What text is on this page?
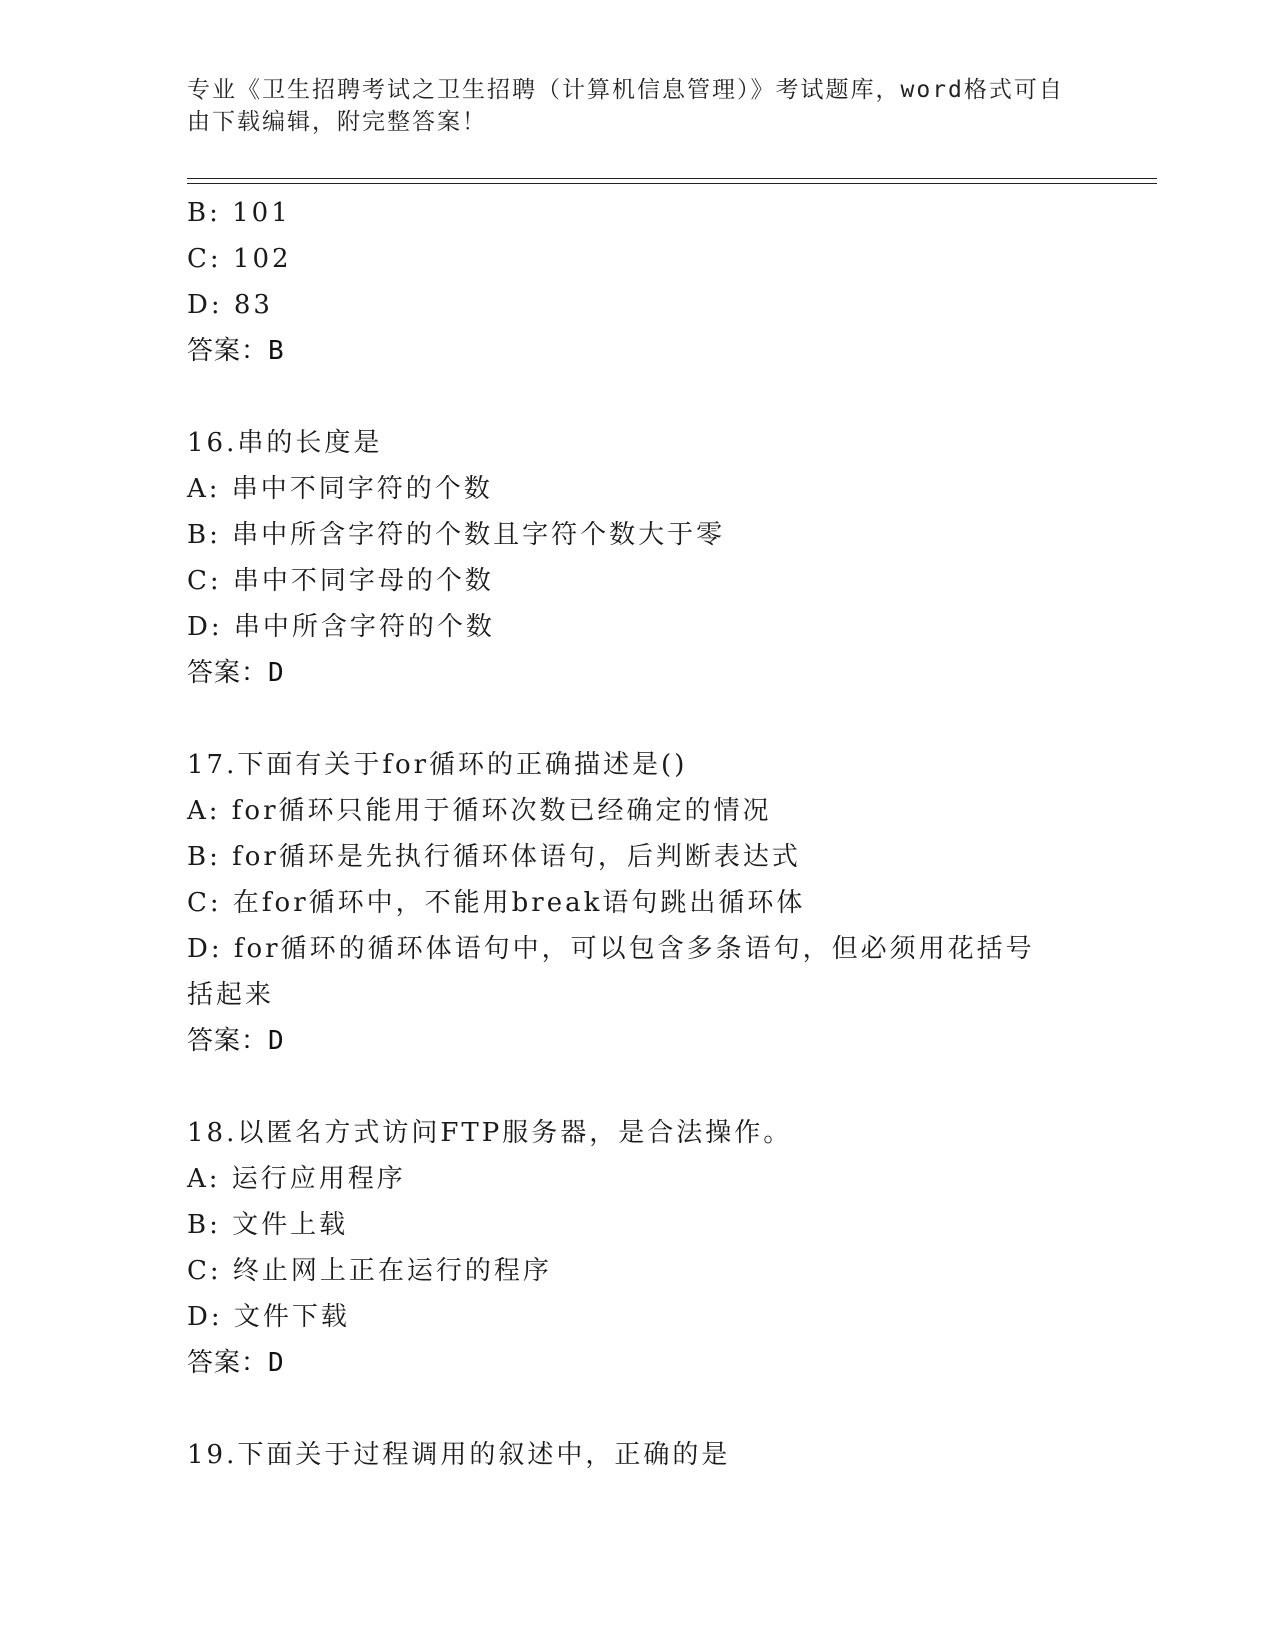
专业《卫生招聘考试之卫生招聘（计算机信息管理）》考试题库，word格式可自由下载编辑，附完整答案！
B: 101
C: 102
D: 83
答案：B
16.串的长度是
A: 串中不同字符的个数
B: 串中所含字符的个数且字符个数大于零
C: 串中不同字母的个数
D: 串中所含字符的个数
答案：D
17.下面有关于for循环的正确描述是()
A: for循环只能用于循环次数已经确定的情况
B: for循环是先执行循环体语句，后判断表达式
C: 在for循环中，不能用break语句跳出循环体
D: for循环的循环体语句中，可以包含多条语句，但必须用花括号括起来
答案：D
18.以匿名方式访问FTP服务器，是合法操作。
A: 运行应用程序
B: 文件上载
C: 终止网上正在运行的程序
D: 文件下载
答案：D
19.下面关于过程调用的叙述中，正确的是
